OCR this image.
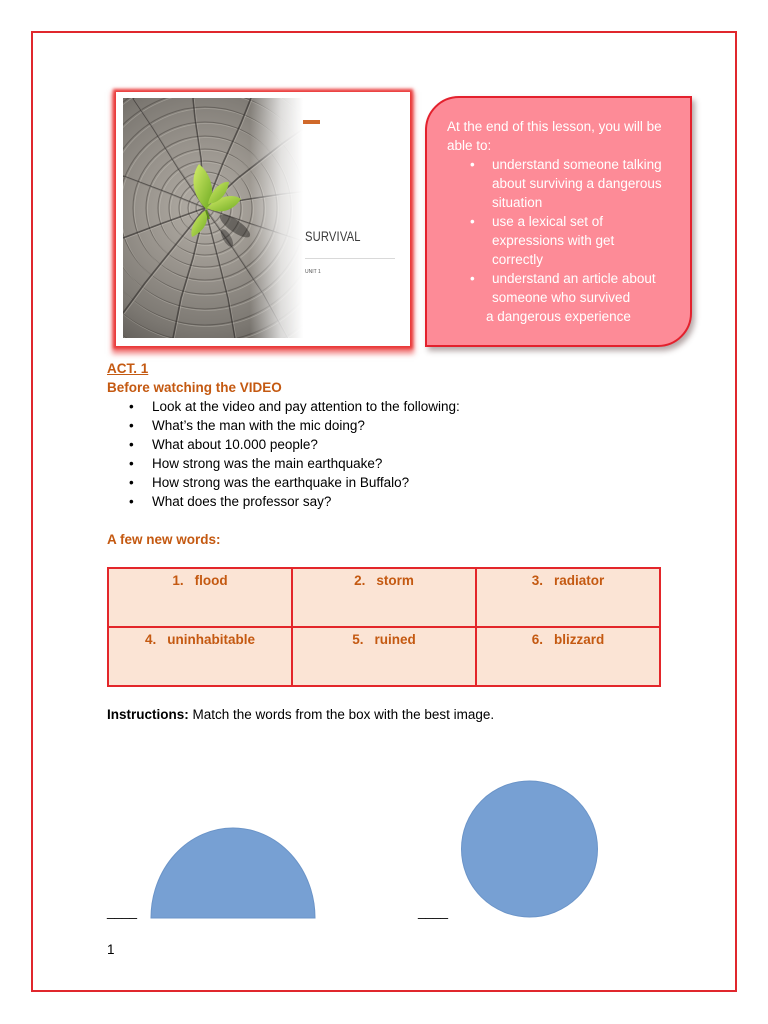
SURVIVAL
UNIT 1
At the end of this lesson, you will be
able to:
• understand someone talking
about surviving a dangerous
situation
• use a lexical set of
expressions with get
correctly
• understand an article about
someone who survived
a dangerous experience
ACT. 1
Before watching the VIDEO
• Look at the video and pay attention to the following:
• What’s the man with the mic doing?
• What about 10.000 people?
• How strong was the main earthquake?
• How strong was the earthquake in Buffalo?
• What does the professor say?
A few new words:
1. flood	2. storm	3. radiator
4. uninhabitable	5. ruined	6. blizzard
Instructions: Match the words from the box with the best image.
____	____
1
